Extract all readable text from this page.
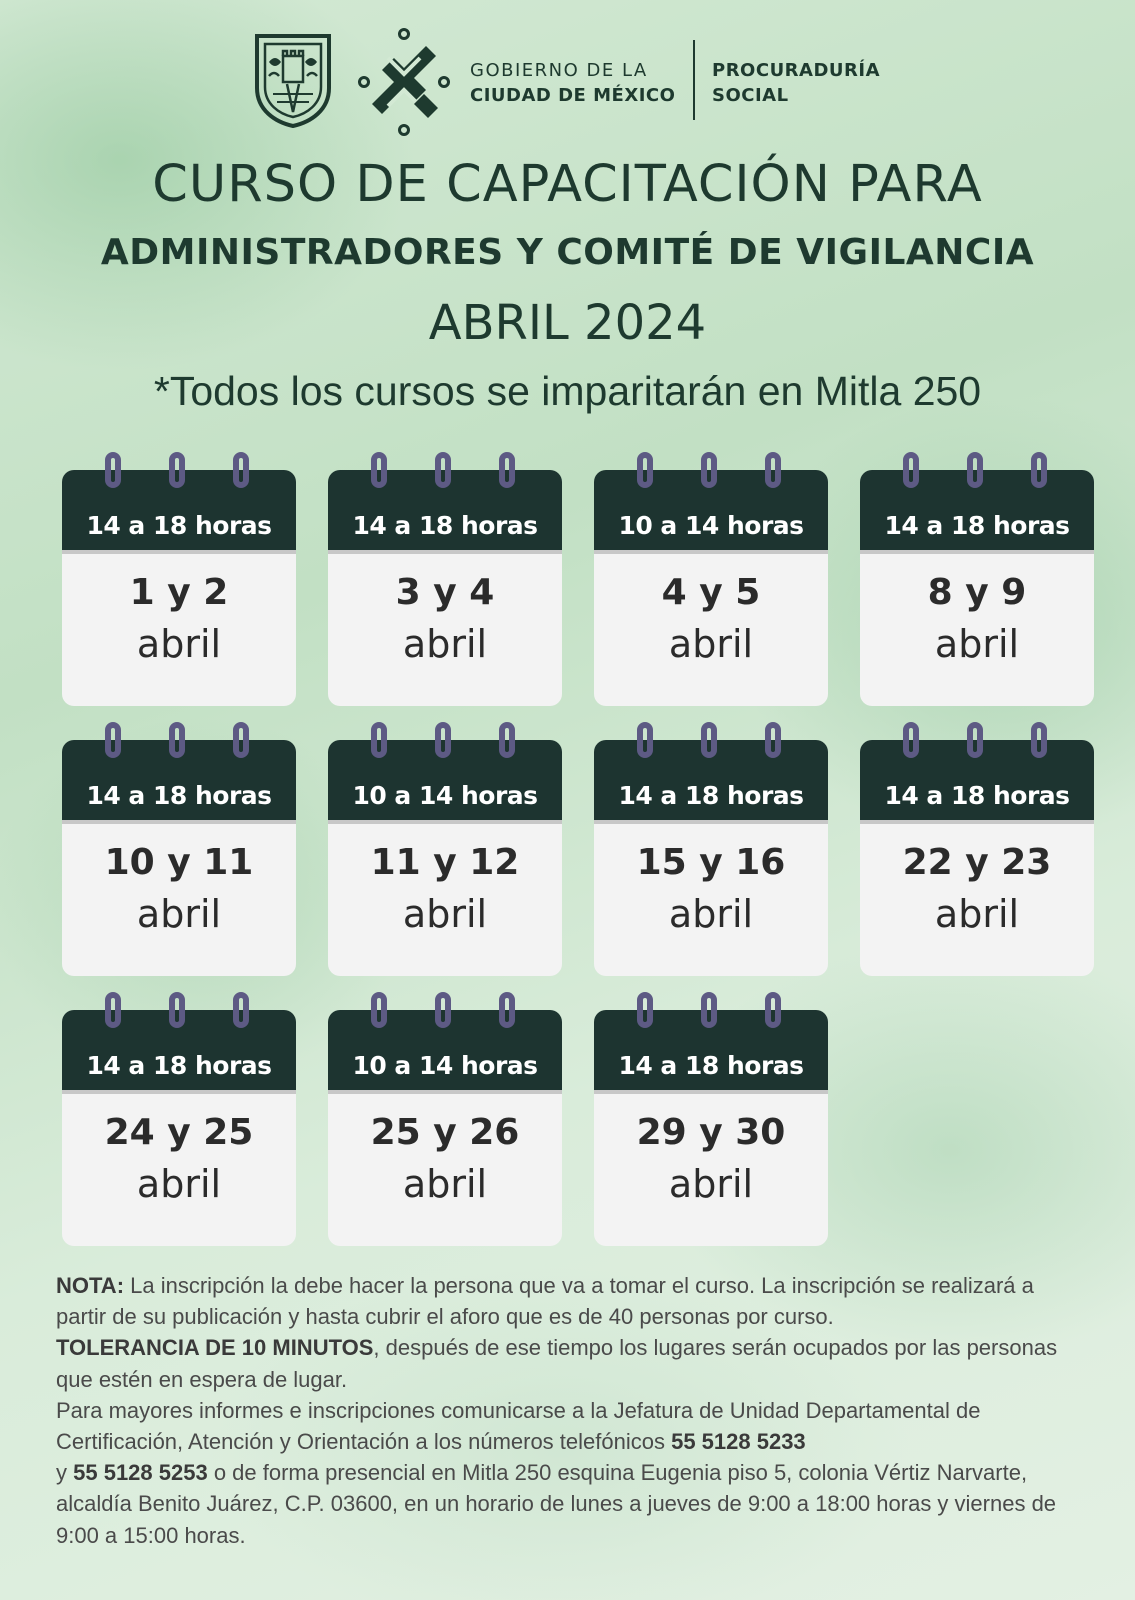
GOBIERNO DE LA
CIUDAD DE MÉXICO
PROCURADURÍA
SOCIAL
CURSO DE CAPACITACIÓN PARA
ADMINISTRADORES Y COMITÉ DE VIGILANCIA
ABRIL 2024
*Todos los cursos se imparitarán en Mitla 250
14 a 18 horas
1 y 2
abril
14 a 18 horas
3 y 4
abril
10 a 14 horas
4 y 5
abril
14 a 18 horas
8 y 9
abril
14 a 18 horas
10 y 11
abril
10 a 14 horas
11 y 12
abril
14 a 18 horas
15 y 16
abril
14 a 18 horas
22 y 23
abril
14 a 18 horas
24 y 25
abril
10 a 14 horas
25 y 26
abril
14 a 18 horas
29 y 30
abril
NOTA: La inscripción la debe hacer la persona que va a tomar el curso. La inscripción se realizará a partir de su publicación y hasta cubrir el aforo que es de 40 personas por curso.
TOLERANCIA DE 10 MINUTOS, después de ese tiempo los lugares serán ocupados por las personas que estén en espera de lugar.
Para mayores informes e inscripciones comunicarse a la Jefatura de Unidad Departamental de Certificación, Atención y Orientación a los números telefónicos 55 5128 5233
y 55 5128 5253 o de forma presencial en Mitla 250 esquina Eugenia piso 5, colonia Vértiz Narvarte, alcaldía Benito Juárez, C.P. 03600, en un horario de lunes a jueves de 9:00 a 18:00 horas y viernes de 9:00 a 15:00 horas.
